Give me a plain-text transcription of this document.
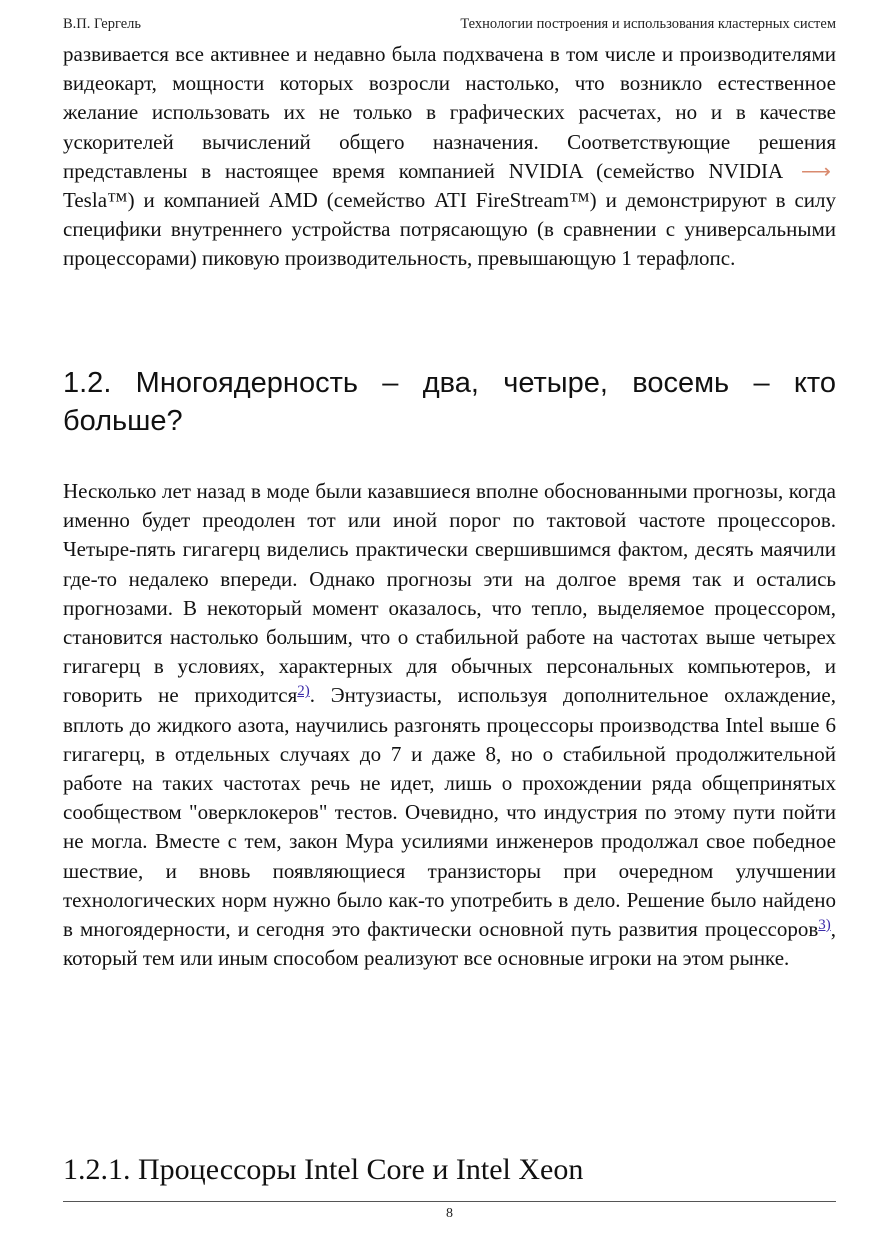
В.П. Гергель	Технологии построения и использования кластерных систем

развивается все активнее и недавно была подхвачена в том числе и производителями видеокарт, мощности которых возросли настолько, что возникло естественное желание использовать их не только в графических расчетах, но и в качестве ускорителей вычислений общего назначения. Соответствующие решения представлены в настоящее время компанией NVIDIA (семейство NVIDIA ⟶ Tesla™) и компанией AMD (семейство ATI FireStream™) и демонстрируют в силу специфики внутреннего устройства потрясающую (в сравнении с универсальными процессорами) пиковую производительность, превышающую 1 терафлопс.

1.2. Многоядерность – два, четыре, восемь – кто больше?

Несколько лет назад в моде были казавшиеся вполне обоснованными прогнозы, когда именно будет преодолен тот или иной порог по тактовой частоте процессоров. Четыре-пять гигагерц виделись практически свершившимся фактом, десять маячили где-то недалеко впереди. Однако прогнозы эти на долгое время так и остались прогнозами. В некоторый момент оказалось, что тепло, выделяемое процессором, становится настолько большим, что о стабильной работе на частотах выше четырех гигагерц в условиях, характерных для обычных персональных компьютеров, и говорить не приходится$^{2)}$. Энтузиасты, используя дополнительное охлаждение, вплоть до жидкого азота, научились разгонять процессоры производства Intel выше 6 гигагерц, в отдельных случаях до 7 и даже 8, но о стабильной продолжительной работе на таких частотах речь не идет, лишь о прохождении ряда общепринятых сообществом "оверклокеров" тестов. Очевидно, что индустрия по этому пути пойти не могла. Вместе с тем, закон Мура усилиями инженеров продолжал свое победное шествие, и вновь появляющиеся транзисторы при очередном улучшении технологических норм нужно было как-то употребить в дело. Решение было найдено в многоядерности, и сегодня это фактически основной путь развития процессоров$^{3)}$, который тем или иным способом реализуют все основные игроки на этом рынке.

1.2.1. Процессоры Intel Core и Intel Xeon
8
